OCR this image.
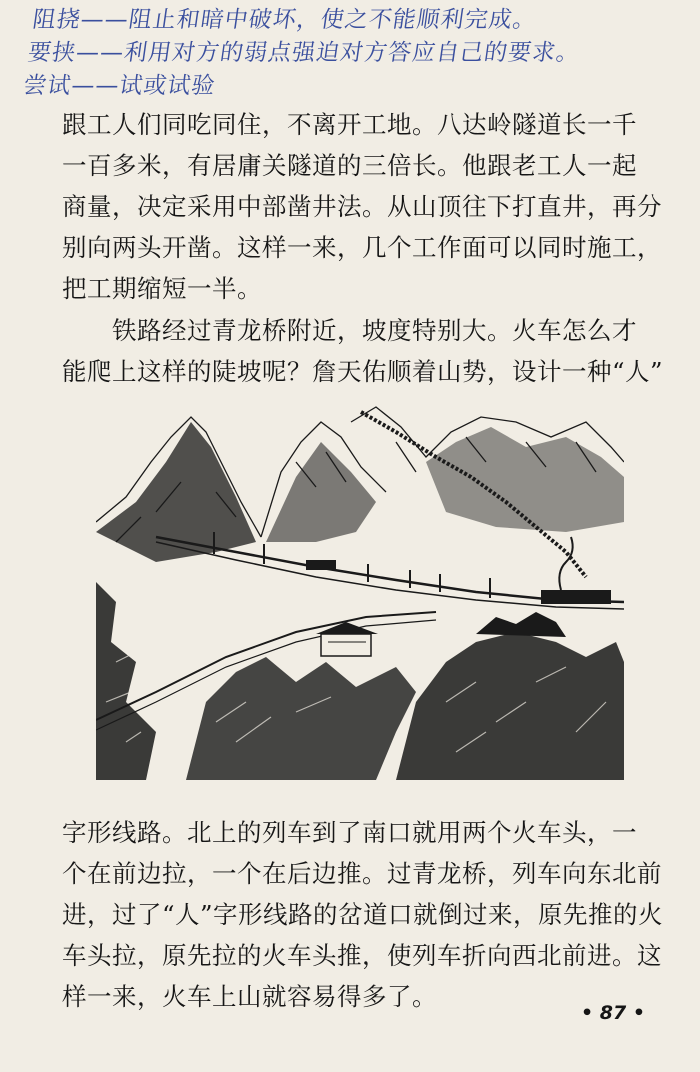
阻挠——阻止和暗中破坏，使之不能顺利完成。
要挟——利用对方的弱点强迫对方答应自己的要求。
尝试——试或试验
跟工人们同吃同住，不离开工地。八达岭隧道长一千
一百多米，有居庸关隧道的三倍长。他跟老工人一起
商量，决定采用中部凿井法。从山顶往下打直井，再分
别向两头开凿。这样一来，几个工作面可以同时施工，
把工期缩短一半。
铁路经过青龙桥附近，坡度特别大。火车怎么才
能爬上这样的陡坡呢？詹天佑顺着山势，设计一种“人”
字形线路。北上的列车到了南口就用两个火车头，一
个在前边拉，一个在后边推。过青龙桥，列车向东北前
进，过了“人”字形线路的岔道口就倒过来，原先推的火
车头拉，原先拉的火车头推，使列车折向西北前进。这
样一来，火车上山就容易得多了。
• 87 •
